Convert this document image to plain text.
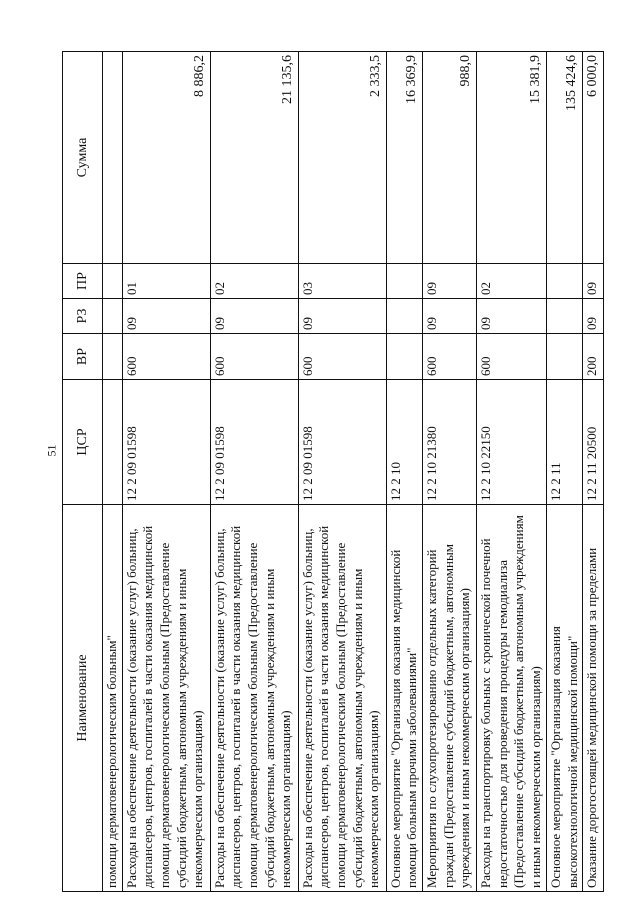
51
Наименование	ЦСР	ВР	РЗ	ПР	Сумма
помощи дерматовенерологическим больным"					
Расходы на обеспечение деятельности (оказание услуг) больниц, диспансеров, центров, госпиталей в части оказания медицинской помощи дерматовенерологическим больным (Предоставление субсидий бюджетным, автономным учреждениям и иным некоммерческим организациям)	12 2 09 01598	600	09	01	8 886,2
Расходы на обеспечение деятельности (оказание услуг) больниц, диспансеров, центров, госпиталей в части оказания медицинской помощи дерматовенерологическим больным (Предоставление субсидий бюджетным, автономным учреждениям и иным некоммерческим организациям)	12 2 09 01598	600	09	02	21 135,6
Расходы на обеспечение деятельности (оказание услуг) больниц, диспансеров, центров, госпиталей в части оказания медицинской помощи дерматовенерологическим больным (Предоставление субсидий бюджетным, автономным учреждениям и иным некоммерческим организациям)	12 2 09 01598	600	09	03	2 333,5
Основное мероприятие "Организация оказания медицинской помощи больным прочими заболеваниями"	12 2 10				16 369,9
Мероприятия по слухопротезированию отдельных категорий граждан (Предоставление субсидий бюджетным, автономным учреждениям и иным некоммерческим организациям)	12 2 10 21380	600	09	09	988,0
Расходы на транспортировку больных с хронической почечной недостаточностью для проведения процедуры гемодиализа (Предоставление субсидий бюджетным, автономным учреждениям и иным некоммерческим организациям)	12 2 10 22150	600	09	02	15 381,9
Основное мероприятие "Организация оказания высокотехнологичной медицинской помощи"	12 2 11				135 424,6
Оказание дорогостоящей медицинской помощи за пределами	12 2 11 20500	200	09	09	6 000,0
